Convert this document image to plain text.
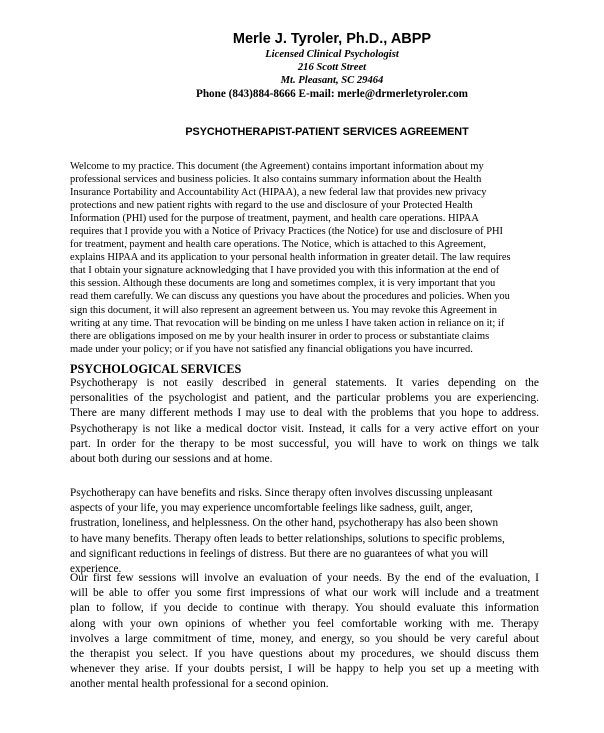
Merle J. Tyroler, Ph.D., ABPP
Licensed Clinical Psychologist
216 Scott Street
Mt. Pleasant, SC 29464
Phone (843)884-8666 E-mail: merle@drmerletyroler.com
PSYCHOTHERAPIST-PATIENT SERVICES AGREEMENT
Welcome to my practice. This document (the Agreement) contains important information about my
professional services and business policies. It also contains summary information about the Health
Insurance Portability and Accountability Act (HIPAA), a new federal law that provides new privacy
protections and new patient rights with regard to the use and disclosure of your Protected Health
Information (PHI) used for the purpose of treatment, payment, and health care operations. HIPAA
requires that I provide you with a Notice of Privacy Practices (the Notice) for use and disclosure of PHI
for treatment, payment and health care operations. The Notice, which is attached to this Agreement,
explains HIPAA and its application to your personal health information in greater detail. The law requires
that I obtain your signature acknowledging that I have provided you with this information at the end of
this session. Although these documents are long and sometimes complex, it is very important that you
read them carefully. We can discuss any questions you have about the procedures and policies. When you
sign this document, it will also represent an agreement between us. You may revoke this Agreement in
writing at any time. That revocation will be binding on me unless I have taken action in reliance on it; if
there are obligations imposed on me by your health insurer in order to process or substantiate claims
made under your policy; or if you have not satisfied any financial obligations you have incurred.
PSYCHOLOGICAL SERVICES
Psychotherapy is not easily described in general statements. It varies depending on the
personalities of the psychologist and patient, and the particular problems you are experiencing.
There are many different methods I may use to deal with the problems that you hope to address.
Psychotherapy is not like a medical doctor visit. Instead, it calls for a very active effort on your
part. In order for the therapy to be most successful, you will have to work on things we talk
about both during our sessions and at home.
Psychotherapy can have benefits and risks. Since therapy often involves discussing unpleasant
aspects of your life, you may experience uncomfortable feelings like sadness, guilt, anger,
frustration, loneliness, and helplessness. On the other hand, psychotherapy has also been shown
to have many benefits. Therapy often leads to better relationships, solutions to specific problems,
and significant reductions in feelings of distress. But there are no guarantees of what you will
experience.
Our first few sessions will involve an evaluation of your needs. By the end of the evaluation, I
will be able to offer you some first impressions of what our work will include and a treatment
plan to follow, if you decide to continue with therapy. You should evaluate this information
along with your own opinions of whether you feel comfortable working with me. Therapy
involves a large commitment of time, money, and energy, so you should be very careful about
the therapist you select. If you have questions about my procedures, we should discuss them
whenever they arise. If your doubts persist, I will be happy to help you set up a meeting with
another mental health professional for a second opinion.
